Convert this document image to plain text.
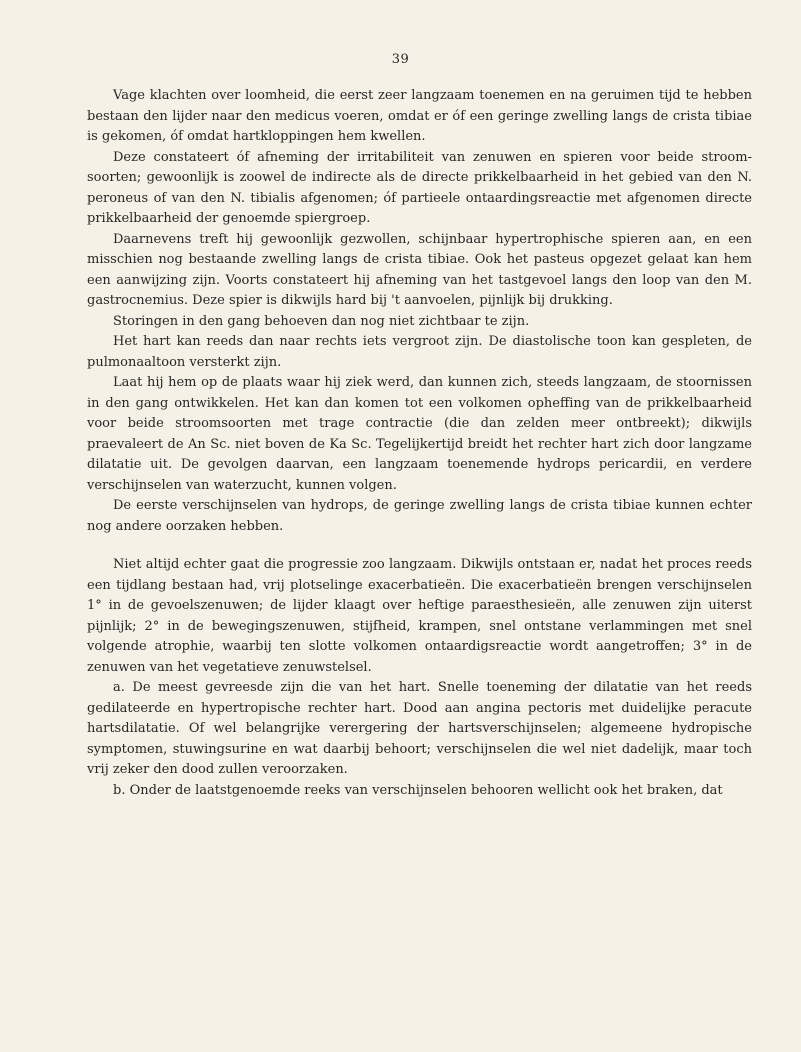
39

Vage klachten over loomheid, die eerst zeer langzaam toenemen en na geruimen tijd te hebben bestaan den lijder naar den medicus voeren, omdat er óf een geringe zwelling langs de crista tibiae is gekomen, óf omdat hartkloppingen hem kwellen.

Deze constateert óf afneming der irritabiliteit van zenuwen en spieren voor beide stroomsoorten; gewoonlijk is zoowel de indirecte als de directe prikkelbaarheid in het gebied van den N. peroneus of van den N. tibialis afgenomen; óf partieele ontaardingsreactie met afgenomen directe prikkelbaarheid der genoemde spiergroep.

Daarnevens treft hij gewoonlijk gezwollen, schijnbaar hypertrophische spieren aan, en een misschien nog bestaande zwelling langs de crista tibiae. Ook het pasteus opgezet gelaat kan hem een aanwijzing zijn. Voorts constateert hij afneming van het tastgevoel langs den loop van den M. gastrocnemius. Deze spier is dikwijls hard bij 't aanvoelen, pijnlijk bij drukking.

Storingen in den gang behoeven dan nog niet zichtbaar te zijn.

Het hart kan reeds dan naar rechts iets vergroot zijn. De diastolische toon kan gespleten, de pulmonaaltoon versterkt zijn.

Laat hij hem op de plaats waar hij ziek werd, dan kunnen zich, steeds langzaam, de stoornissen in den gang ontwikkelen. Het kan dan komen tot een volkomen opheffing van de prikkelbaarheid voor beide stroomsoorten met trage contractie (die dan zelden meer ontbreekt); dikwijls praevaleert de An Sc. niet boven de Ka Sc. Tegelijkertijd breidt het rechter hart zich door langzame dilatatie uit. De gevolgen daarvan, een langzaam toenemende hydrops pericardii, en verdere verschijnselen van waterzucht, kunnen volgen.

De eerste verschijnselen van hydrops, de geringe zwelling langs de crista tibiae kunnen echter nog andere oorzaken hebben.

Niet altijd echter gaat die progressie zoo langzaam. Dikwijls ontstaan er, nadat het proces reeds een tijdlang bestaan had, vrij plotselinge exacerbatieën. Die exacerbatieën brengen verschijnselen 1° in de gevoelszenuwen; de lijder klaagt over heftige paraesthesieën, alle zenuwen zijn uiterst pijnlijk; 2° in de bewegingszenuwen, stijfheid, krampen, snel ontstane verlammingen met snel volgende atrophie, waarbij ten slotte volkomen ontaardigsreactie wordt aangetroffen; 3° in de zenuwen van het vegetatieve zenuwstelsel.

a. De meest gevreesde zijn die van het hart. Snelle toeneming der dilatatie van het reeds gedilateerde en hypertropische rechter hart. Dood aan angina pectoris met duidelijke peracute hartsdilatatie. Of wel belangrijke verergering der hartsverschijnselen; algemeene hydropische symptomen, stuwingsurine en wat daarbij behoort; verschijnselen die wel niet dadelijk, maar toch vrij zeker den dood zullen veroorzaken.

b. Onder de laatstgenoemde reeks van verschijnselen behooren wellicht ook het braken, dat
